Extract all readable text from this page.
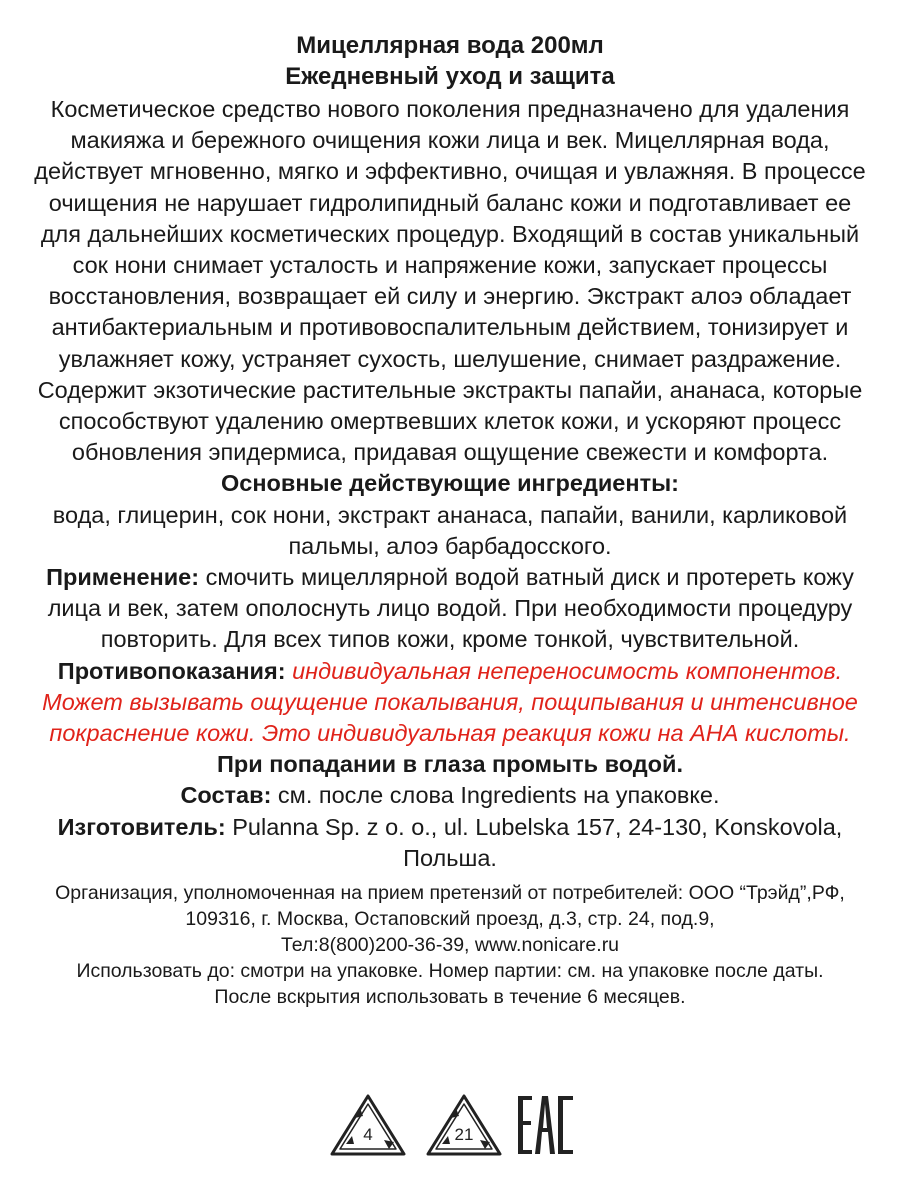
Мицеллярная вода 200мл

Ежедневный уход и защита

Косметическое средство нового поколения предназначено для удаления макияжа и бережного очищения кожи лица и век. Мицеллярная вода, действует мгновенно, мягко и эффективно, очищая и увлажняя. В процессе очищения не нарушает гидролипидный баланс кожи и подготавливает ее для дальнейших косметических процедур. Входящий в состав уникальный сок нони снимает усталость и напряжение кожи, запускает процессы восстановления, возвращает ей силу и энергию. Экстракт алоэ обладает антибактериальным и противовоспалительным действием, тонизирует и увлажняет кожу, устраняет сухость, шелушение, снимает раздражение. Содержит экзотические растительные экстракты папайи, ананаса, которые способствуют удалению омертвевших клеток кожи, и ускоряют процесс обновления эпидермиса, придавая ощущение свежести и комфорта.

Основные действующие ингредиенты:

вода, глицерин, сок нони, экстракт ананаса, папайи, ванили, карликовой пальмы, алоэ барбадосского.

Применение: смочить мицеллярной водой ватный диск и протереть кожу лица и век, затем ополоснуть лицо водой. При необходимости процедуру повторить. Для всех типов кожи, кроме тонкой, чувствительной.

Противопоказания: индивидуальная непереносимость компонентов. Может вызывать ощущение покалывания, пощипывания и интенсивное покраснение кожи. Это индивидуальная реакция кожи на АНА кислоты.

При попадании в глаза промыть водой.

Состав: см. после слова Ingredients на упаковке.

Изготовитель: Pulanna Sp. z o. o., ul. Lubelska 157, 24-130, Konskovola, Польша.

Организация, уполномоченная на прием претензий от потребителей: ООО “Трэйд”,РФ, 109316, г. Москва, Остаповский проезд, д.3, стр. 24, под.9,

Тел:8(800)200-36-39, www.nonicare.ru

Использовать до: смотри на упаковке. Номер партии: см. на упаковке после даты.

После вскрытия использовать в течение 6 месяцев.

4	21
